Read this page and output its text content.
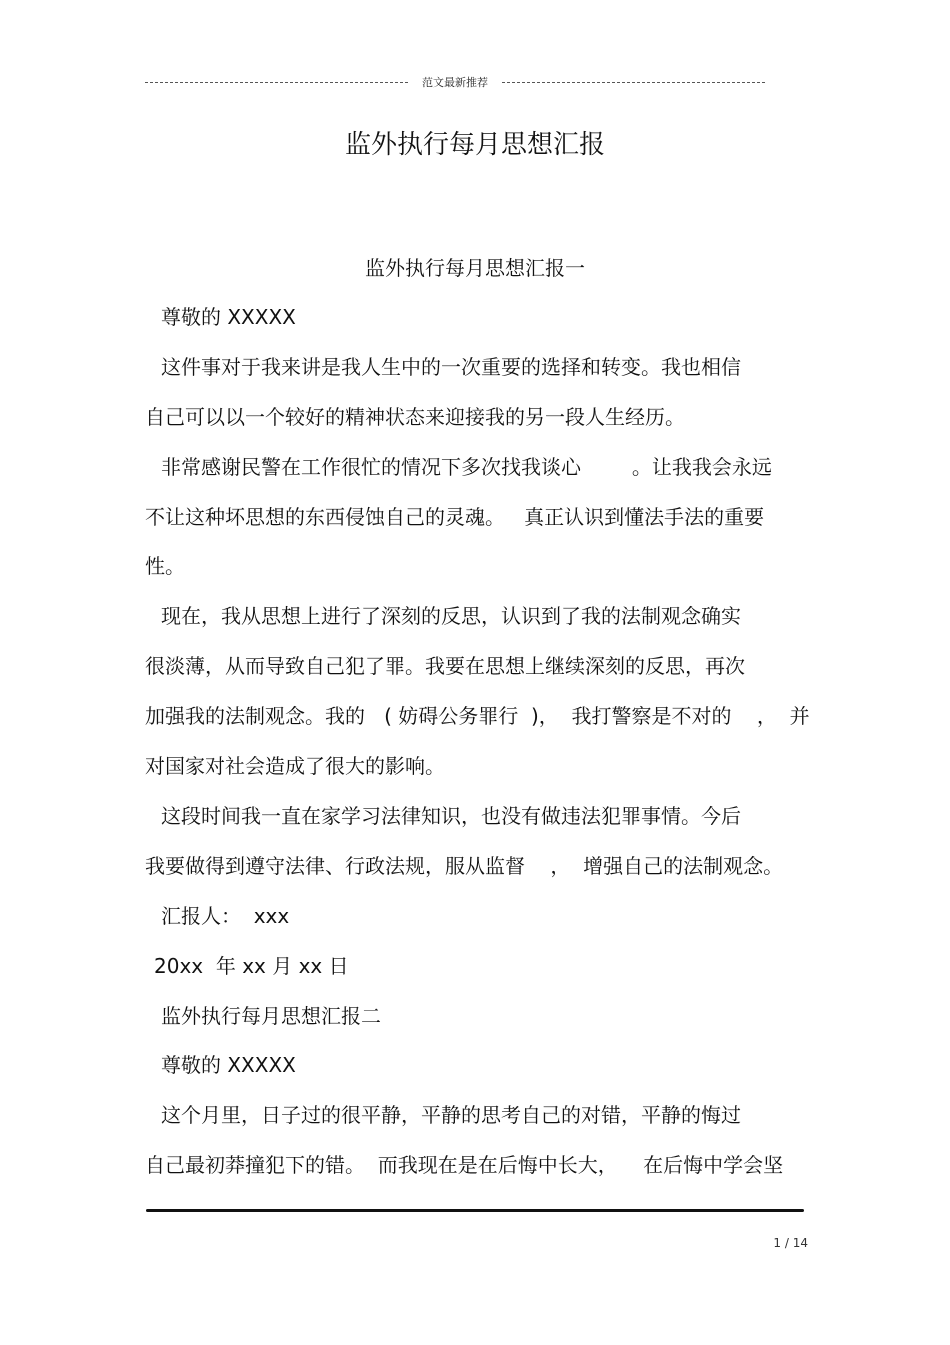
范文最新推荐
监外执行每月思想汇报
监外执行每月思想汇报一
尊敬的 XXXXX
这件事对于我来讲是我人生中的一次重要的选择和转变。我也相信
自己可以以一个较好的精神状态来迎接我的另一段人生经历。
非常感谢民警在工作很忙的情况下多次找我谈心        。让我我会永远
不让这种坏思想的东西侵蚀自己的灵魂。   真正认识到懂法手法的重要
性。
现在，我从思想上进行了深刻的反思，认识到了我的法制观念确实
很淡薄，从而导致自己犯了罪。我要在思想上继续深刻的反思，再次
加强我的法制观念。我的   ( 妨碍公务罪行  )，  我打警察是不对的    ，  并
对国家对社会造成了很大的影响。
这段时间我一直在家学习法律知识，也没有做违法犯罪事情。今后
我要做得到遵守法律、行政法规，服从监督    ，  增强自己的法制观念。
汇报人：  xxx
20xx  年 xx 月 xx 日
监外执行每月思想汇报二
尊敬的 XXXXX
这个月里，日子过的很平静，平静的思考自己的对错，平静的悔过
自己最初莽撞犯下的错。  而我现在是在后悔中长大，    在后悔中学会坚
1 / 14
